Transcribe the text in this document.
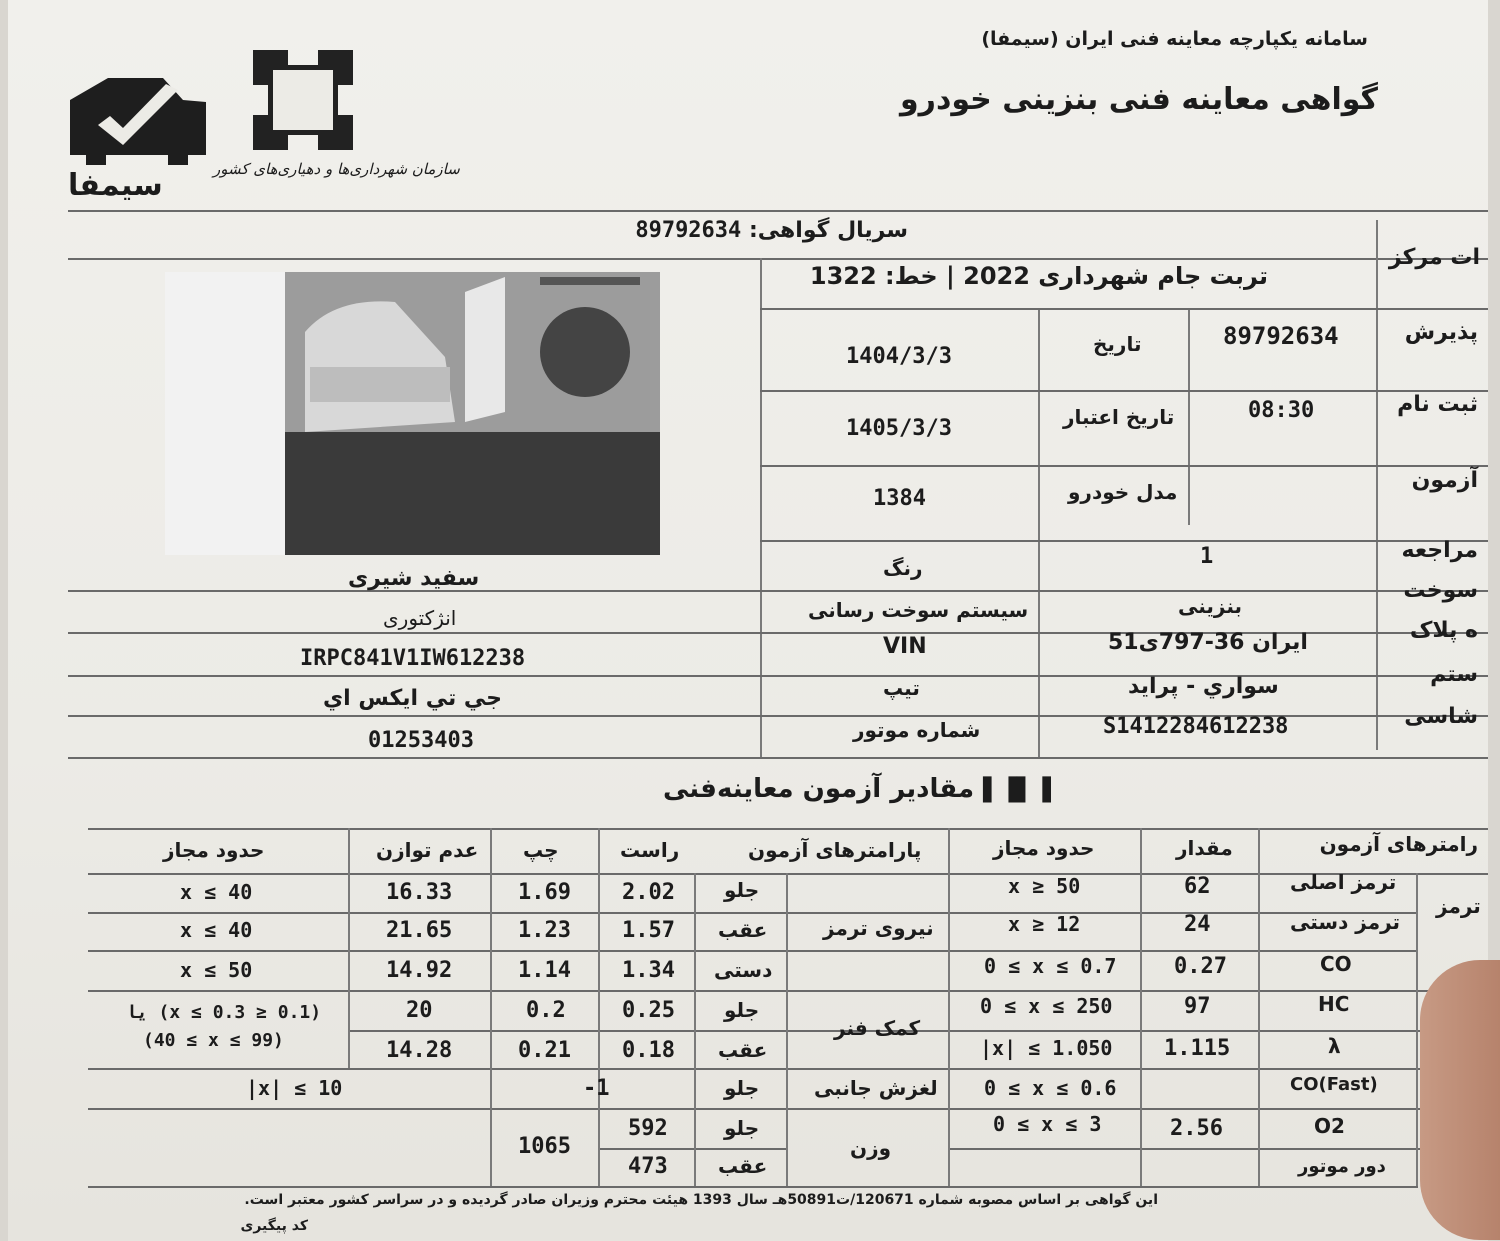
سامانه یکپارچه معاینه فنی ایران (سیمفا)
گواهی معاینه فنی بنزینی خودرو
سیمفا	سازمان شهرداری‌ها و دهیاری‌های کشور
سریال گواهی: 89792634
ات مرکز
پذیرش
ثبت نام
آزمون
مراجعه
سوخت
ه پلاک
ستم
شاسی
تربت جام شهرداری 2022 | خط: 1322
89792634
تاریخ
1404/3/3
08:30
تاریخ اعتبار
1405/3/3
مدل خودرو
1384
1
رنگ
سفید شیری
بنزینی
سیستم سوخت رسانی
انژکتوری
ایران 36-797ی51
VIN
IRPC841V1IW612238
سواري - پرايد
تیپ
جي تي ايكس اي
S1412284612238
شماره موتور
01253403
▐▌▐▌ مقادیر آزمون معاینه‌فنی
رامترهای آزمون
مقدار
حدود مجاز
ترمز
ترمز اصلی
62
x ≥ 50
ترمز دستی
24
x ≥ 12
CO
0.27
0 ≤ x ≤ 0.7
HC
97
0 ≤ x ≤ 250
λ
1.115
|x| ≤ 1.050
CO(Fast)
0 ≤ x ≤ 0.6
O2
2.56
0 ≤ x ≤ 3
دور موتور
پارامترهای آزمون
راست
چپ
عدم توازن
حدود مجاز
نیروی ترمز
جلو
2.02
1.69
16.33
x ≤ 40
عقب
1.57
1.23
21.65
x ≤ 40
دستی
1.34
1.14
14.92
x ≤ 50
کمک فنر
جلو
0.25
0.2
20
(0.1 ≤ x ≤ 0.3) یا
عقب
0.18
0.21
14.28
(40 ≤ x ≤ 99)
لغزش جانبی
جلو
-1
|x| ≤ 10
وزن
جلو
592
عقب
473
1065
این گواهی بر اساس مصوبه شماره 120671/ت50891هـ سال 1393 هیئت محترم وزیران صادر گردیده و در سراسر کشور معتبر است.
کد پیگیری
